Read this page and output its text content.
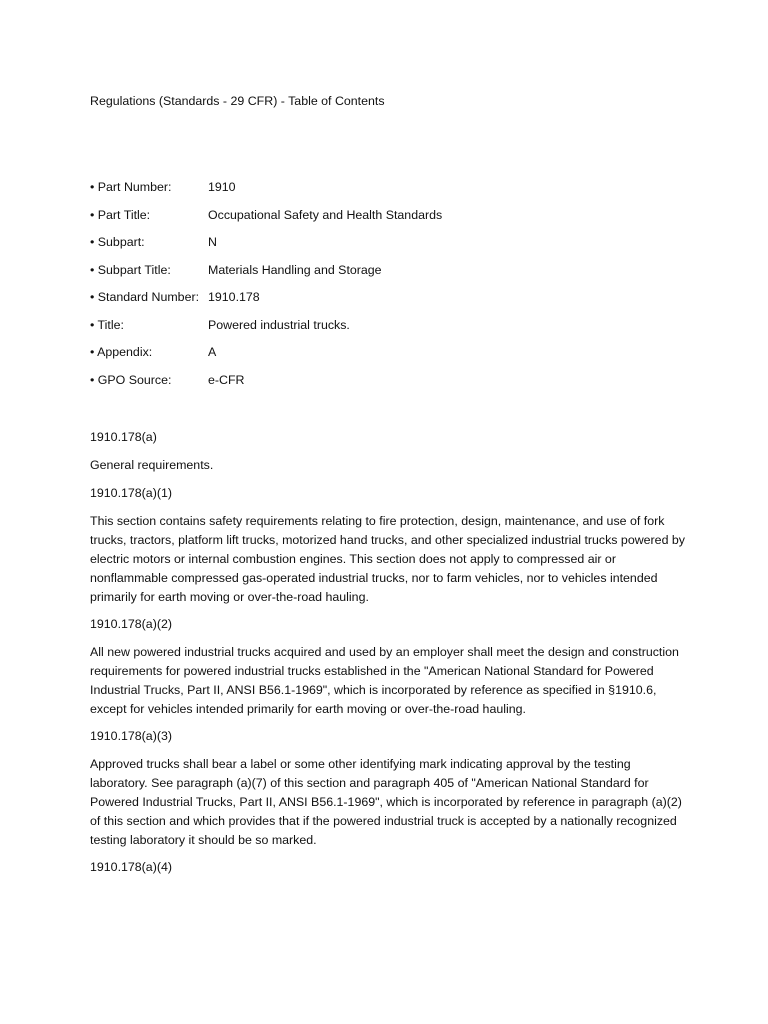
Regulations (Standards - 29 CFR) - Table of Contents
• Part Number:	1910
• Part Title:	Occupational Safety and Health Standards
• Subpart:	N
• Subpart Title:	Materials Handling and Storage
• Standard Number: 1910.178
• Title:	Powered industrial trucks.
• Appendix:	A
• GPO Source:	e-CFR

1910.178(a)

General requirements.

1910.178(a)(1)

This section contains safety requirements relating to fire protection, design, maintenance, and use of fork trucks, tractors, platform lift trucks, motorized hand trucks, and other specialized industrial trucks powered by electric motors or internal combustion engines. This section does not apply to compressed air or nonflammable compressed gas-operated industrial trucks, nor to farm vehicles, nor to vehicles intended primarily for earth moving or over-the-road hauling.

1910.178(a)(2)

All new powered industrial trucks acquired and used by an employer shall meet the design and construction requirements for powered industrial trucks established in the "American National Standard for Powered Industrial Trucks, Part II, ANSI B56.1-1969", which is incorporated by reference as specified in §1910.6, except for vehicles intended primarily for earth moving or over-the-road hauling.

1910.178(a)(3)

Approved trucks shall bear a label or some other identifying mark indicating approval by the testing laboratory. See paragraph (a)(7) of this section and paragraph 405 of "American National Standard for Powered Industrial Trucks, Part II, ANSI B56.1-1969", which is incorporated by reference in paragraph (a)(2) of this section and which provides that if the powered industrial truck is accepted by a nationally recognized testing laboratory it should be so marked.

1910.178(a)(4)
